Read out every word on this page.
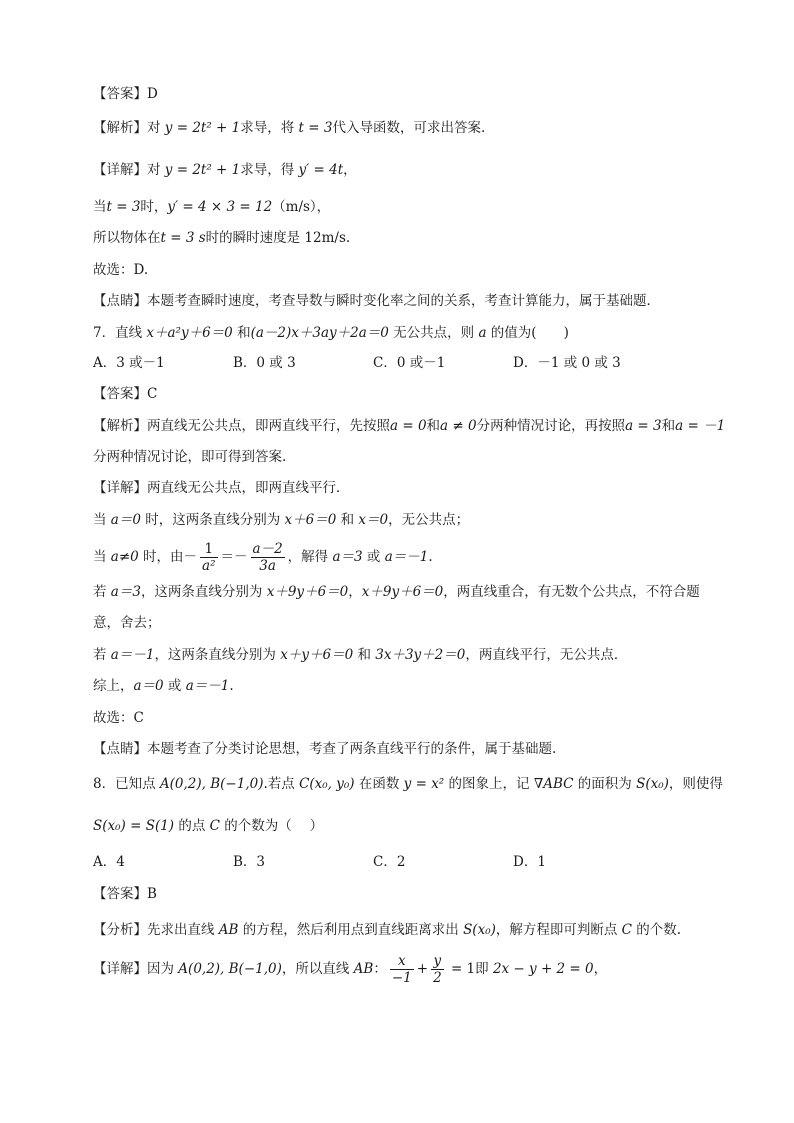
【答案】D
【解析】对 y = 2t² + 1求导，将 t = 3代入导函数，可求出答案.
【详解】对 y = 2t² + 1求导，得 y′ = 4t，
当t = 3时，y′ = 4 × 3 = 12（m/s），
所以物体在t = 3 s时的瞬时速度是 12m/s.
故选：D.
【点睛】本题考查瞬时速度，考查导数与瞬时变化率之间的关系，考查计算能力，属于基础题．
7．直线 x＋a²y＋6＝0 和(a－2)x＋3ay＋2a＝0 无公共点，则 a 的值为(　　)
A．3 或－1	B．0 或 3	C．0 或－1	D．－1 或 0 或 3
【答案】C
【解析】两直线无公共点，即两直线平行，先按照a = 0和a ≠ 0分两种情况讨论，再按照a = 3和a = －1
分两种情况讨论，即可得到答案.
【详解】两直线无公共点，即两直线平行．
当 a＝0 时，这两条直线分别为 x＋6＝0 和 x＝0，无公共点；
当 a≠0 时，由－ $\frac{1}{\text{a²}} =- \frac{a-2}{3a}$ ，解得 a＝3 或 a＝－1.
若 a＝3，这两条直线分别为 x＋9y＋6＝0，x＋9y＋6＝0，两直线重合，有无数个公共点，不符合题
意，舍去；
若 a＝－1，这两条直线分别为 x＋y＋6＝0 和 3x＋3y＋2＝0，两直线平行，无公共点．
综上，a＝0 或 a＝－1.
故选：C
【点睛】本题考查了分类讨论思想，考查了两条直线平行的条件，属于基础题.
8．已知点 A(0,2), B(−1,0).若点 C(x₀, y₀) 在函数 y = x² 的图象上，记 ∇ABC 的面积为 S(x₀)，则使得
S(x₀) = S(1) 的点 C 的个数为（　 ）
A．4	B．3	C．2	D．1
【答案】B
【分析】先求出直线 AB 的方程，然后利用点到直线距离求出 S(x₀)，解方程即可判断点 C 的个数.
【详解】因为 A(0,2), B(−1,0)，所以直线 AB： $\frac{x}{-1} + \frac{y}{2} = 1$即 2x − y + 2 = 0，
